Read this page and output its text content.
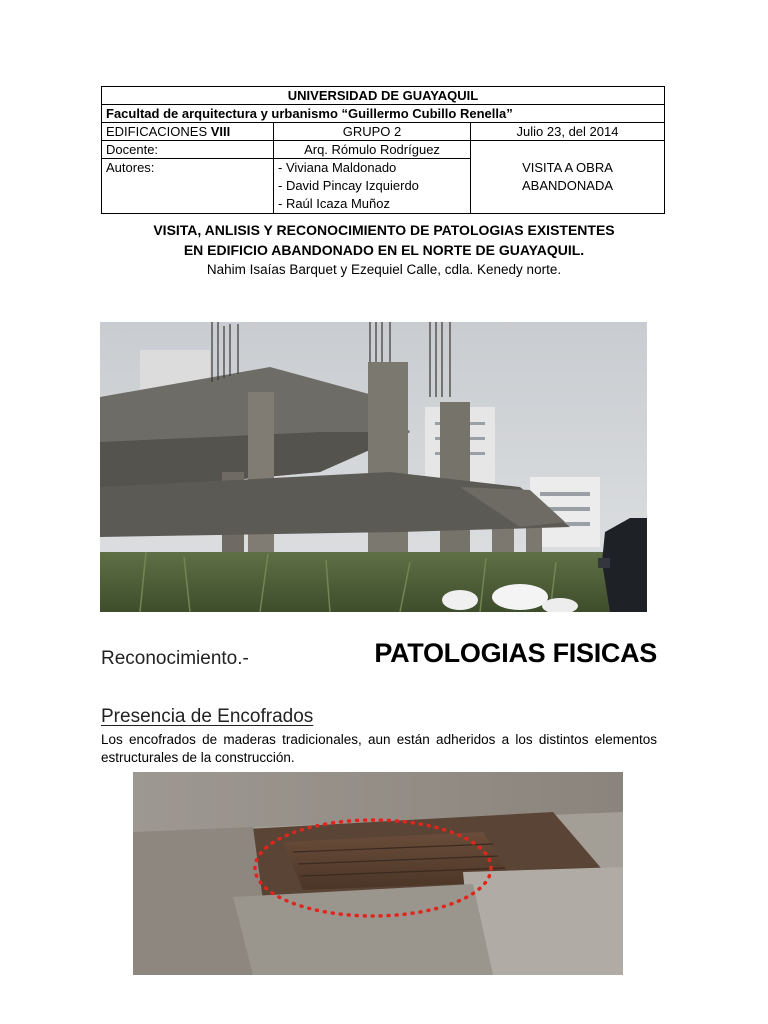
UNIVERSIDAD DE GUAYAQUIL		
Facultad de arquitectura y urbanismo “Guillermo Cubillo Renella”		
EDIFICACIONES VIII	GRUPO 2	Julio 23, del 2014
Docente:	Arq. Rómulo Rodríguez	VISITA A OBRA
ABANDONADA

Autores:	- Viviana Maldonado
- David Pincay Izquierdo
- Raúl Icaza Muñoz	
VISITA, ANLISIS Y RECONOCIMIENTO DE PATOLOGIAS EXISTENTES
EN EDIFICIO ABANDONADO EN EL NORTE DE GUAYAQUIL.
Nahim Isaías Barquet y Ezequiel Calle, cdla. Kenedy norte.
Reconocimiento.-	PATOLOGIAS FISICAS
Presencia de Encofrados
Los encofrados de maderas tradicionales, aun están adheridos a los distintos elementos estructurales de la construcción.
